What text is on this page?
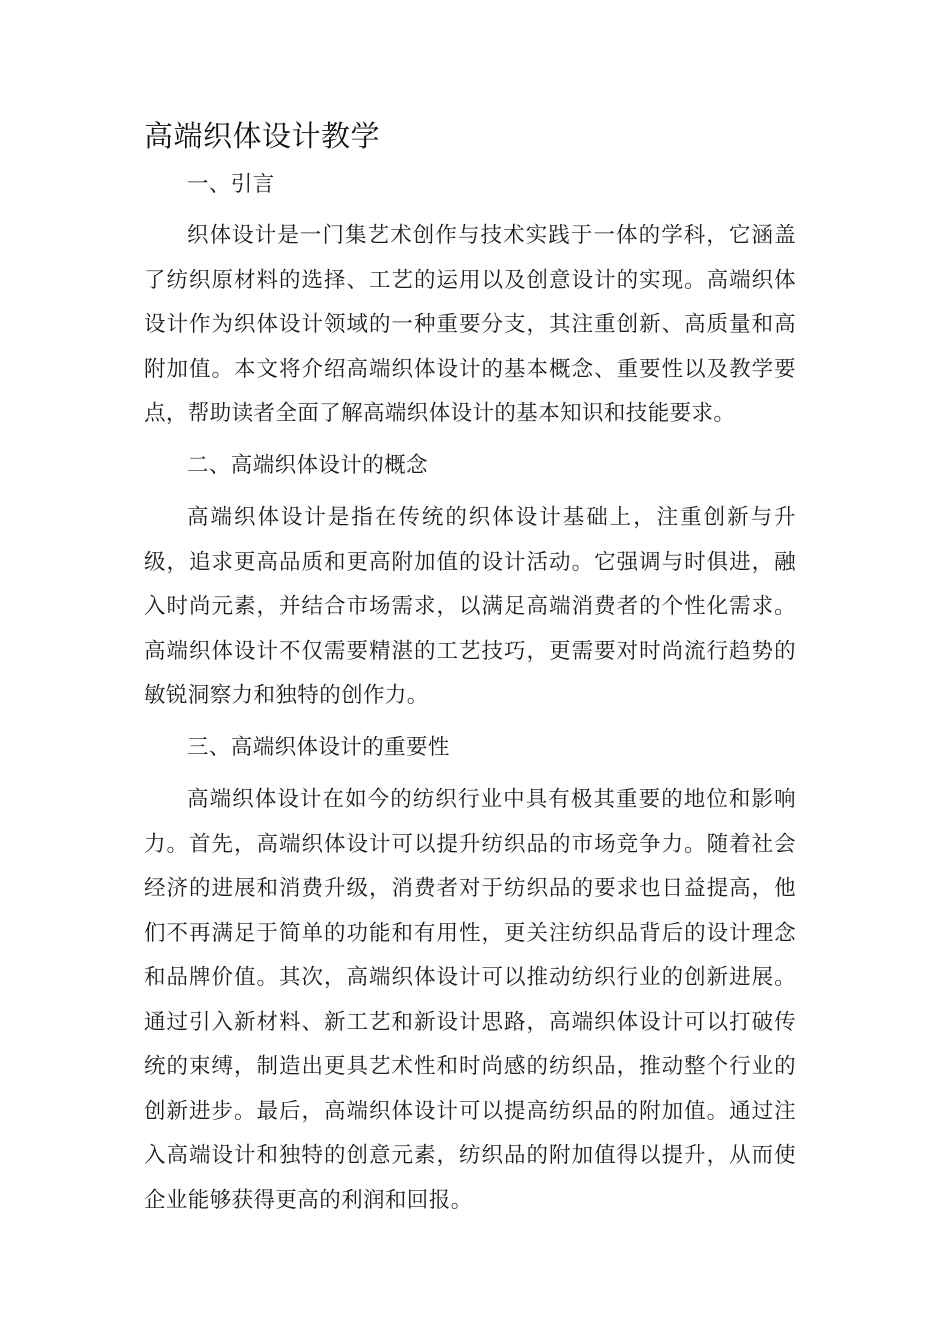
高端织体设计教学
一、引言

织体设计是一门集艺术创作与技术实践于一体的学科，它涵盖了纺织原材料的选择、工艺的运用以及创意设计的实现。高端织体设计作为织体设计领域的一种重要分支，其注重创新、高质量和高附加值。本文将介绍高端织体设计的基本概念、重要性以及教学要点，帮助读者全面了解高端织体设计的基本知识和技能要求。

二、高端织体设计的概念

高端织体设计是指在传统的织体设计基础上，注重创新与升级，追求更高品质和更高附加值的设计活动。它强调与时俱进，融入时尚元素，并结合市场需求，以满足高端消费者的个性化需求。高端织体设计不仅需要精湛的工艺技巧，更需要对时尚流行趋势的敏锐洞察力和独特的创作力。

三、高端织体设计的重要性

高端织体设计在如今的纺织行业中具有极其重要的地位和影响力。首先，高端织体设计可以提升纺织品的市场竞争力。随着社会经济的进展和消费升级，消费者对于纺织品的要求也日益提高，他们不再满足于简单的功能和有用性，更关注纺织品背后的设计理念和品牌价值。其次，高端织体设计可以推动纺织行业的创新进展。通过引入新材料、新工艺和新设计思路，高端织体设计可以打破传统的束缚，制造出更具艺术性和时尚感的纺织品，推动整个行业的创新进步。最后，高端织体设计可以提高纺织品的附加值。通过注入高端设计和独特的创意元素，纺织品的附加值得以提升，从而使企业能够获得更高的利润和回报。
